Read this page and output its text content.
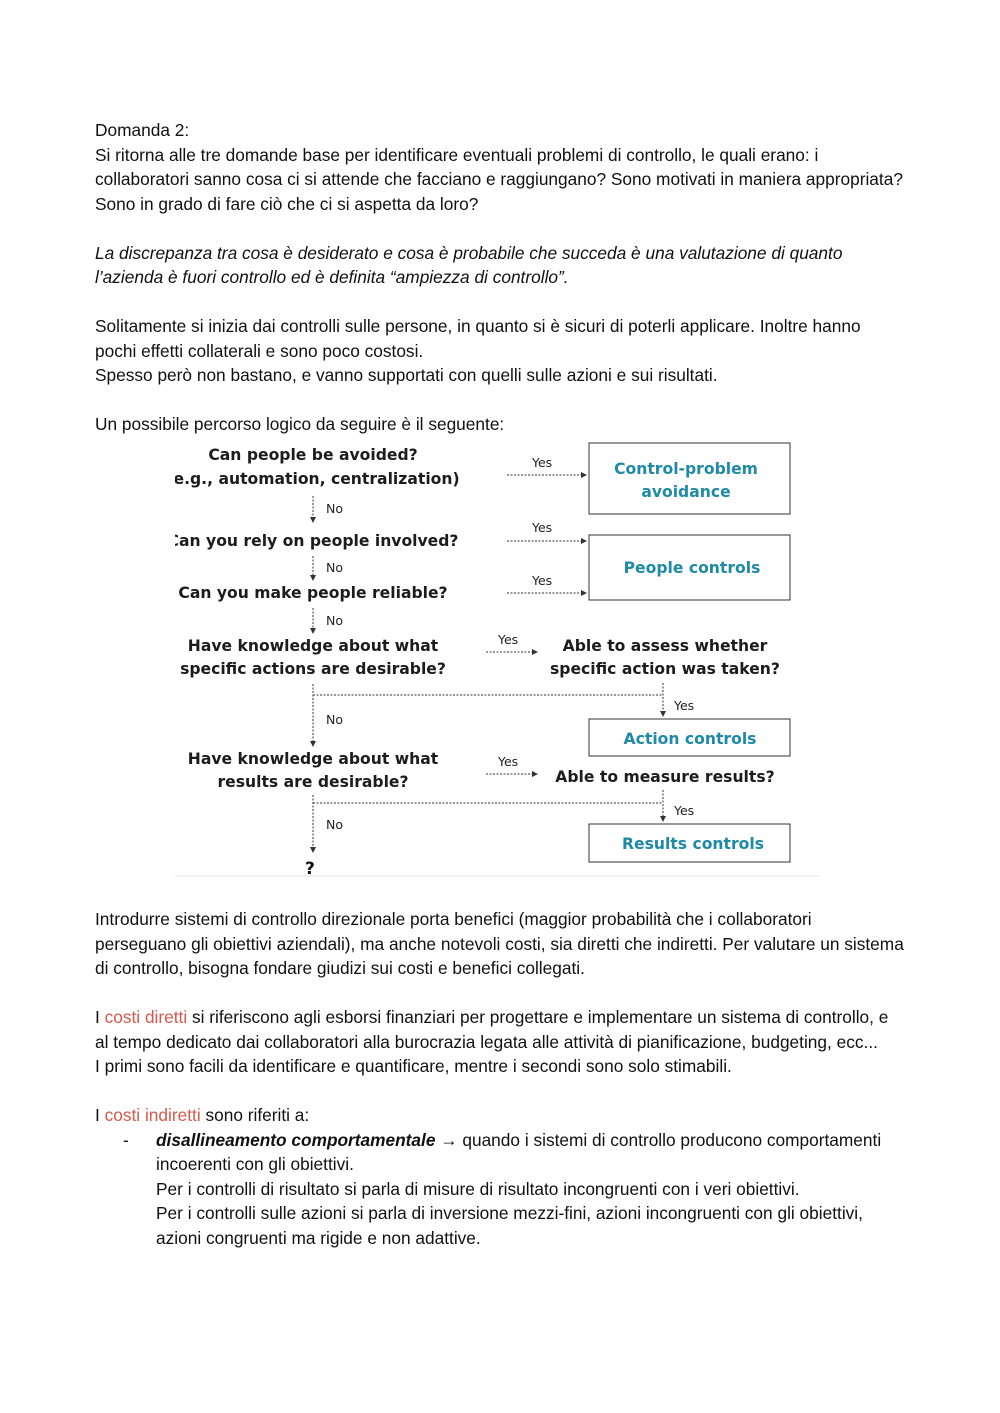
Domanda 2:

Si ritorna alle tre domande base per identificare eventuali problemi di controllo, le quali erano: i collaboratori sanno cosa ci si attende che facciano e raggiungano? Sono motivati in maniera appropriata? Sono in grado di fare ciò che ci si aspetta da loro?

La discrepanza tra cosa è desiderato e cosa è probabile che succeda è una valutazione di quanto l’azienda è fuori controllo ed è definita “ampiezza di controllo”.

Solitamente si inizia dai controlli sulle persone, in quanto si è sicuri di poterli applicare. Inoltre hanno pochi effetti collaterali e sono poco costosi.

Spesso però non bastano, e vanno supportati con quelli sulle azioni e sui risultati.

Un possibile percorso logico da seguire è il seguente:

Can people be avoided?
(e.g., automation, centralization)
Can you rely on people involved?
Can you make people reliable?
Have knowledge about what
specific actions are desirable?
Able to assess whether
specific action was taken?
Have knowledge about what
results are desirable?	Able to measure results?
Control-problem
avoidance
People controls
Action controls
Results controls
Yes
Yes
Yes
Yes
Yes
Yes
Yes
No
No
No
No
No
?

Introdurre sistemi di controllo direzionale porta benefici (maggior probabilità che i collaboratori perseguano gli obiettivi aziendali), ma anche notevoli costi, sia diretti che indiretti. Per valutare un sistema di controllo, bisogna fondare giudizi sui costi e benefici collegati.

I costi diretti si riferiscono agli esborsi finanziari per progettare e implementare un sistema di controllo, e al tempo dedicato dai collaboratori alla burocrazia legata alle attività di pianificazione, budgeting, ecc...

I primi sono facili da identificare e quantificare, mentre i secondi sono solo stimabili.

I costi indiretti sono riferiti a:

- disallineamento comportamentale → quando i sistemi di controllo producono comportamenti incoerenti con gli obiettivi.

Per i controlli di risultato si parla di misure di risultato incongruenti con i veri obiettivi.

Per i controlli sulle azioni si parla di inversione mezzi-fini, azioni incongruenti con gli obiettivi, azioni congruenti ma rigide e non adattive.
